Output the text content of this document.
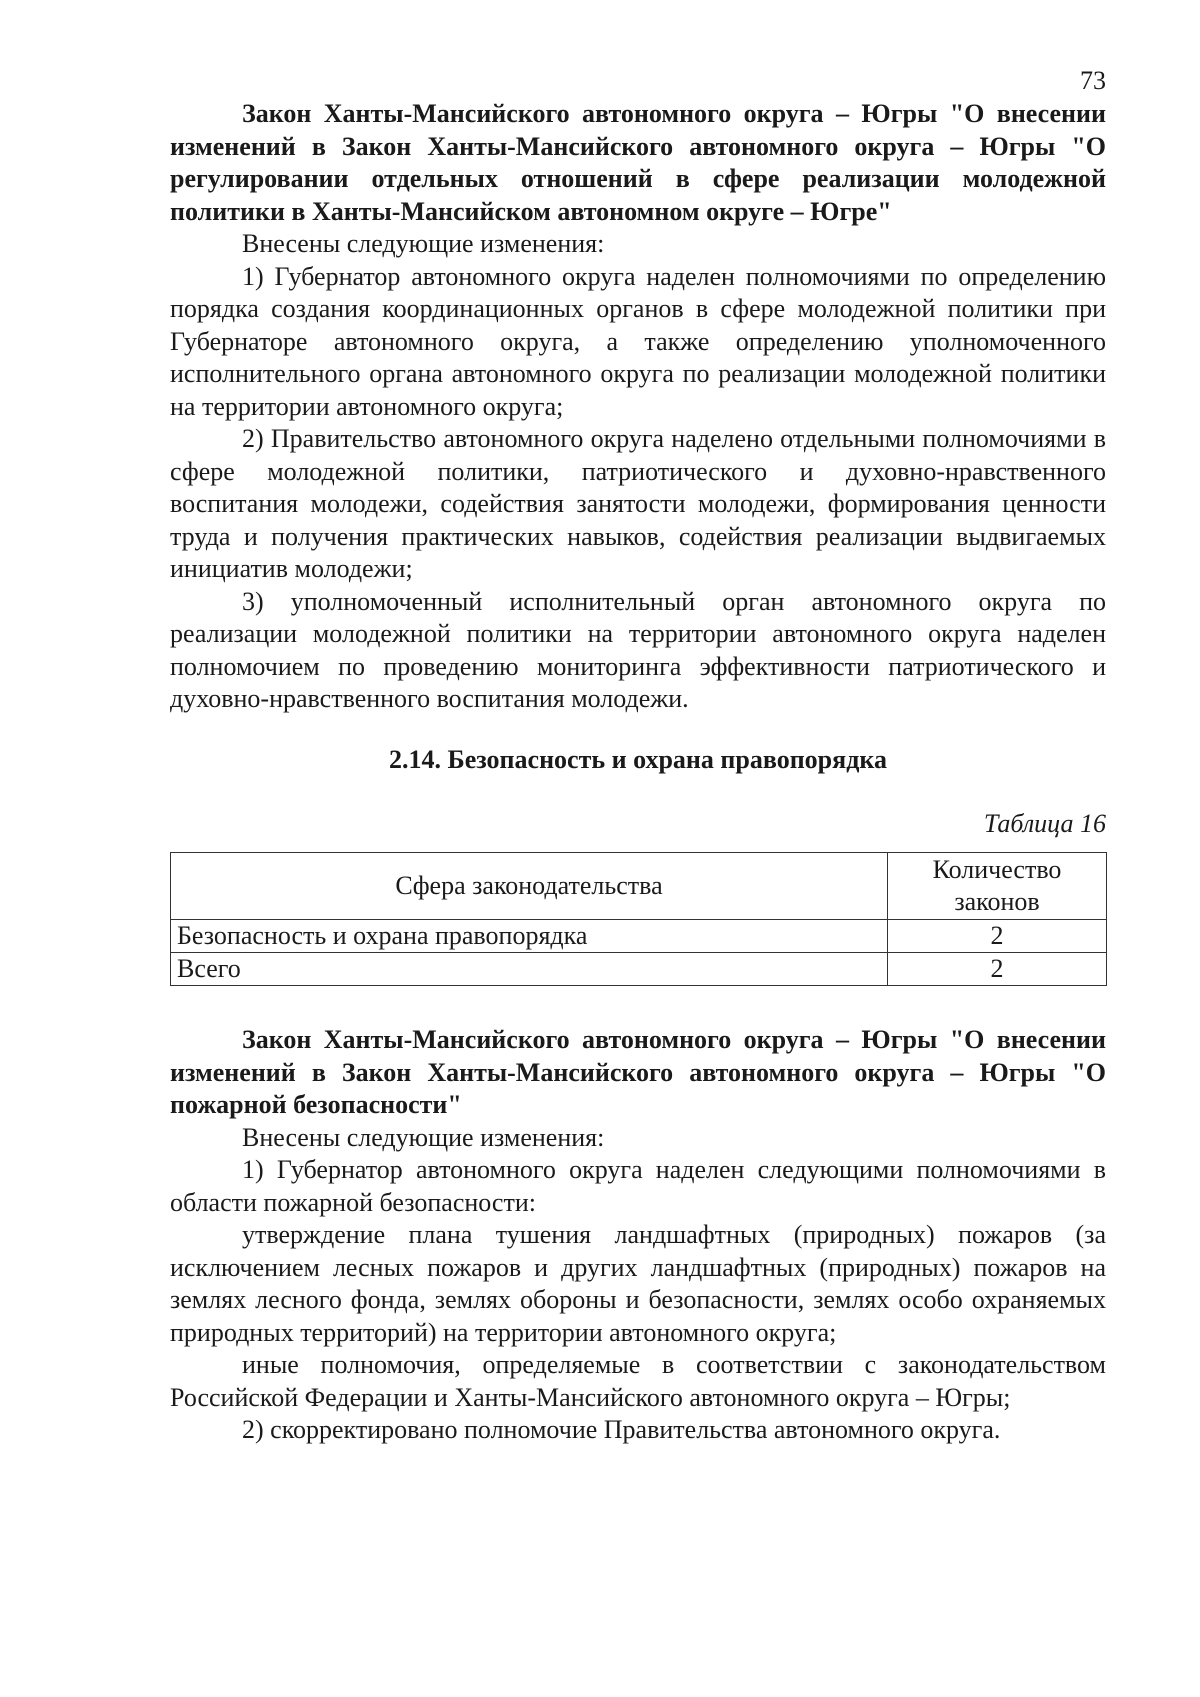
73

Закон Ханты-Мансийского автономного округа – Югры "О внесении изменений в Закон Ханты-Мансийского автономного округа – Югры "О регулировании отдельных отношений в сфере реализации молодежной политики в Ханты-Мансийском автономном округе – Югре"

Внесены следующие изменения:

1) Губернатор автономного округа наделен полномочиями по определению порядка создания координационных органов в сфере молодежной политики при Губернаторе автономного округа, а также определению уполномоченного исполнительного органа автономного округа по реализации молодежной политики на территории автономного округа;

2) Правительство автономного округа наделено отдельными полномочиями в сфере молодежной политики, патриотического и духовно-нравственного воспитания молодежи, содействия занятости молодежи, формирования ценности труда и получения практических навыков, содействия реализации выдвигаемых инициатив молодежи;

3) уполномоченный исполнительный орган автономного округа по реализации молодежной политики на территории автономного округа наделен полномочием по проведению мониторинга эффективности патриотического и духовно-нравственного воспитания молодежи.

2.14. Безопасность и охрана правопорядка

Таблица 16

Сфера законодательства	Количество законов
Безопасность и охрана правопорядка	2
Всего	2

Закон Ханты-Мансийского автономного округа – Югры "О внесении изменений в Закон Ханты-Мансийского автономного округа – Югры "О пожарной безопасности"

Внесены следующие изменения:

1) Губернатор автономного округа наделен следующими полномочиями в области пожарной безопасности:

утверждение плана тушения ландшафтных (природных) пожаров (за исключением лесных пожаров и других ландшафтных (природных) пожаров на землях лесного фонда, землях обороны и безопасности, землях особо охраняемых природных территорий) на территории автономного округа;

иные полномочия, определяемые в соответствии с законодательством Российской Федерации и Ханты-Мансийского автономного округа – Югры;

2) скорректировано полномочие Правительства автономного округа.
